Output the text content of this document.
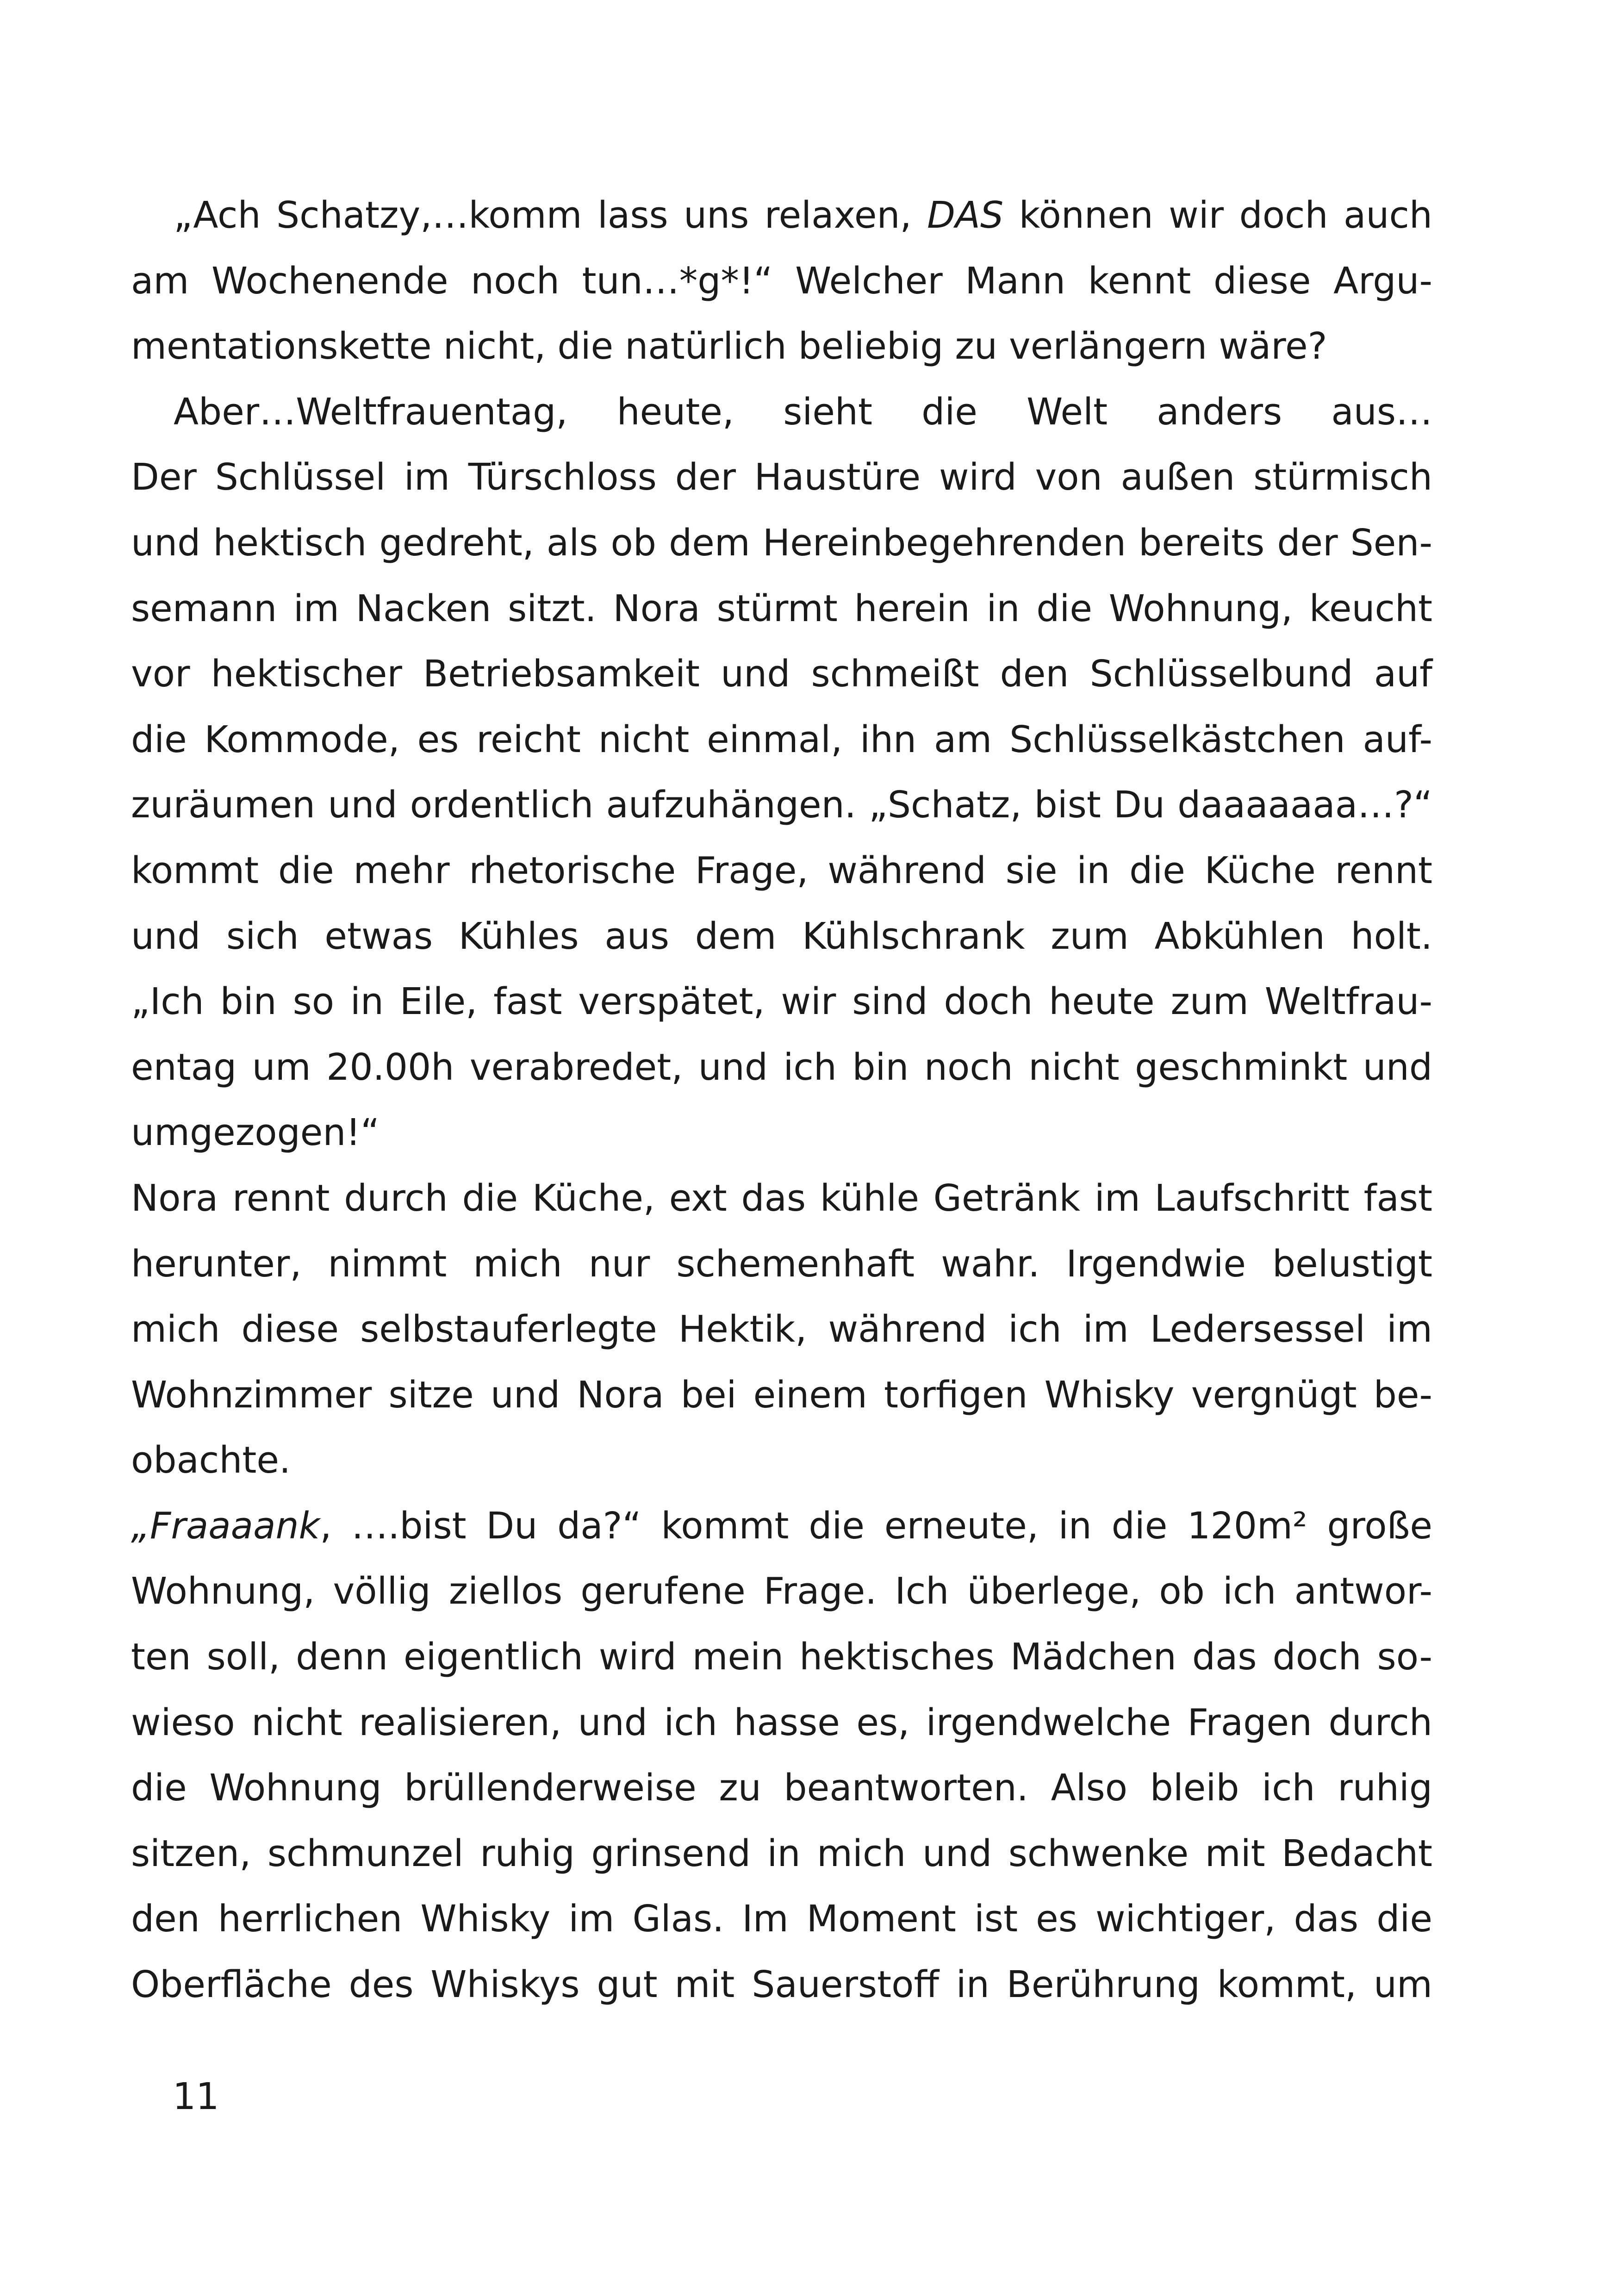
„Ach Schatzy,…komm lass uns relaxen, DAS können wir doch auch
am Wochenende noch tun…*g*!“ Welcher Mann kennt diese Argu-
mentationskette nicht, die natürlich beliebig zu verlängern wäre?
Aber…Weltfrauentag, heute, sieht die Welt anders aus…
Der Schlüssel im Türschloss der Haustüre wird von außen stürmisch
und hektisch gedreht, als ob dem Hereinbegehrenden bereits der Sen-
semann im Nacken sitzt. Nora stürmt herein in die Wohnung, keucht
vor hektischer Betriebsamkeit und schmeißt den Schlüsselbund auf
die Kommode, es reicht nicht einmal, ihn am Schlüsselkästchen auf-
zuräumen und ordentlich aufzuhängen. „Schatz, bist Du daaaaaaa…?“
kommt die mehr rhetorische Frage, während sie in die Küche rennt
und sich etwas Kühles aus dem Kühlschrank zum Abkühlen holt.
„Ich bin so in Eile, fast verspätet, wir sind doch heute zum Weltfrau-
entag um 20.00h verabredet, und ich bin noch nicht geschminkt und
umgezogen!“
Nora rennt durch die Küche, ext das kühle Getränk im Laufschritt fast
herunter, nimmt mich nur schemenhaft wahr. Irgendwie belustigt
mich diese selbstauferlegte Hektik, während ich im Ledersessel im
Wohnzimmer sitze und Nora bei einem torfigen Whisky vergnügt be-
obachte.
„Fraaaank, ….bist Du da?“ kommt die erneute, in die 120m² große
Wohnung, völlig ziellos gerufene Frage. Ich überlege, ob ich antwor-
ten soll, denn eigentlich wird mein hektisches Mädchen das doch so-
wieso nicht realisieren, und ich hasse es, irgendwelche Fragen durch
die Wohnung brüllenderweise zu beantworten. Also bleib ich ruhig
sitzen, schmunzel ruhig grinsend in mich und schwenke mit Bedacht
den herrlichen Whisky im Glas. Im Moment ist es wichtiger, das die
Oberfläche des Whiskys gut mit Sauerstoff in Berührung kommt, um
11
